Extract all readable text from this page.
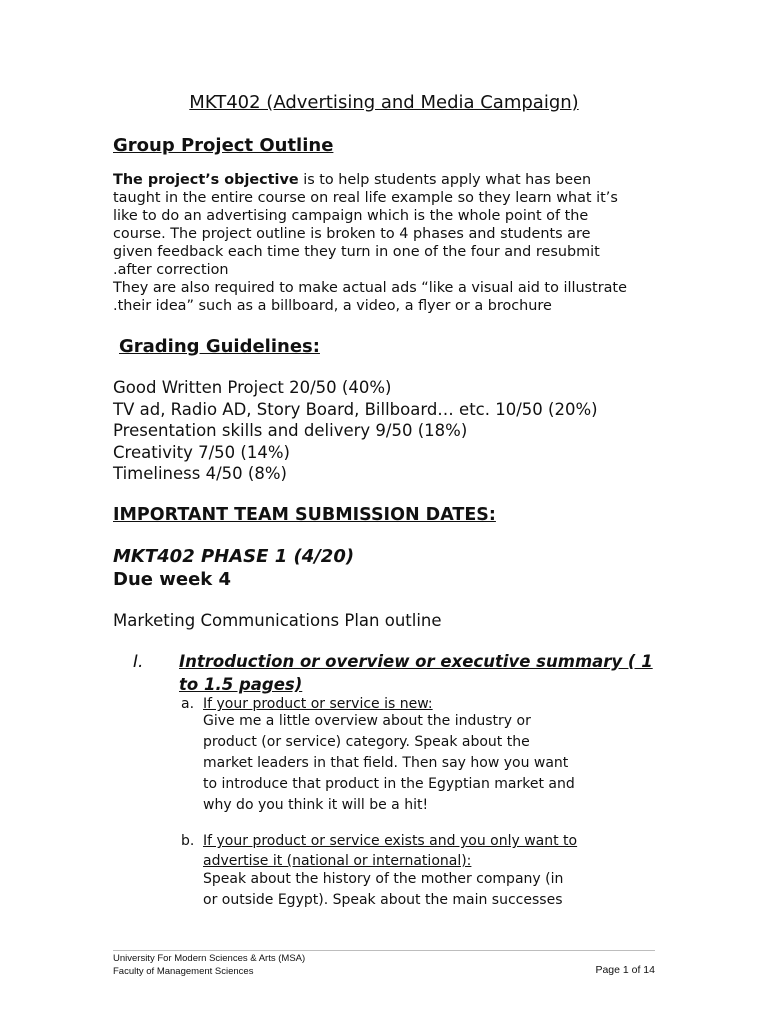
MKT402 (Advertising and Media Campaign)
Group Project Outline
The project’s objective is to help students apply what has been
taught in the entire course on real life example so they learn what it’s
like to do an advertising campaign which is the whole point of the
course. The project outline is broken to 4 phases and students are
given feedback each time they turn in one of the four and resubmit
.after correction
They are also required to make actual ads “like a visual aid to illustrate
.their idea” such as a billboard, a video, a flyer or a brochure
Grading Guidelines:
Good Written Project 20/50 (40%)
TV ad, Radio AD, Story Board, Billboard… etc. 10/50 (20%)
Presentation skills and delivery 9/50 (18%)
Creativity 7/50 (14%)
Timeliness 4/50 (8%)
IMPORTANT TEAM SUBMISSION DATES:
MKT402 PHASE 1 (4/20)
Due week 4
Marketing Communications Plan outline
I. Introduction or overview or executive summary ( 1
to 1.5 pages)
a. If your product or service is new:
Give me a little overview about the industry or
product (or service) category. Speak about the
market leaders in that field. Then say how you want
to introduce that product in the Egyptian market and
why do you think it will be a hit!
b. If your product or service exists and you only want to
advertise it (national or international):
Speak about the history of the mother company (in
or outside Egypt). Speak about the main successes
University For Modern Sciences & Arts (MSA)
Faculty of Management Sciences	Page 1 of 14
